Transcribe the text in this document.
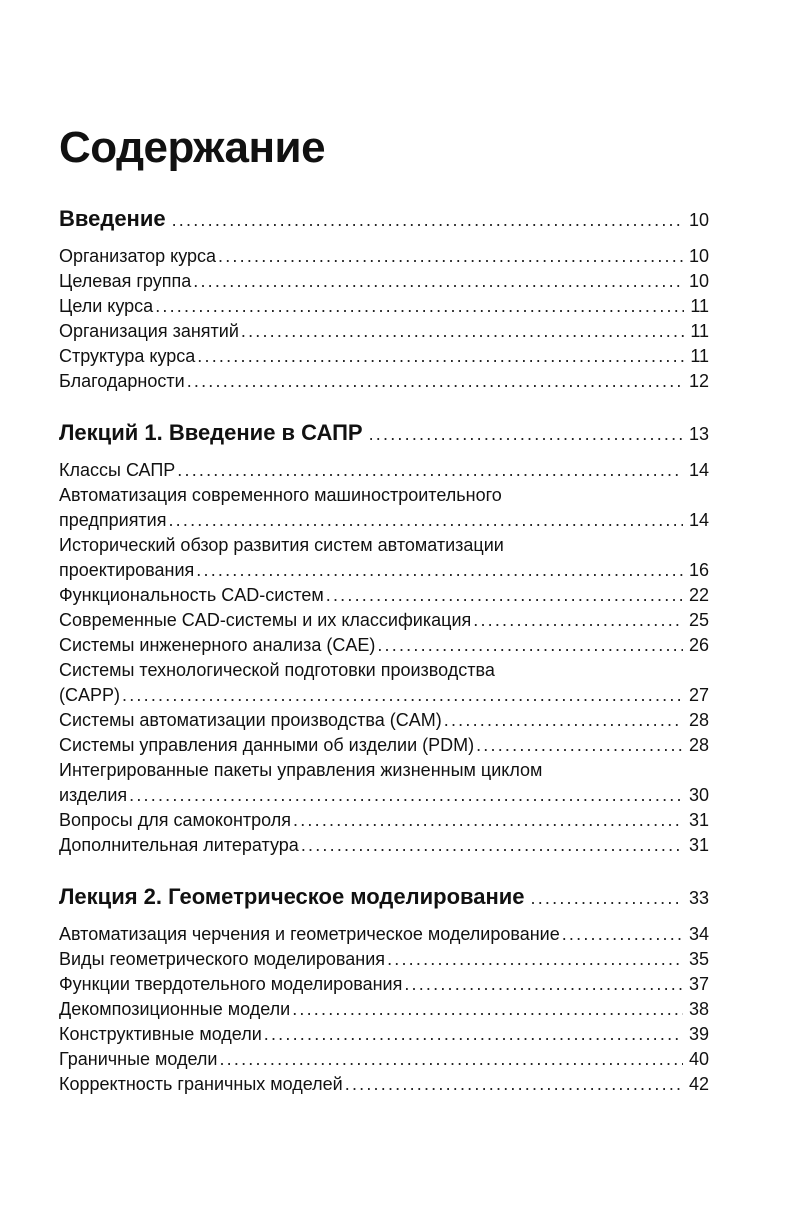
Содержание
Введение . . .	10
Организатор курса . . .	10
Целевая группа . . .	10
Цели курса . . .	11
Организация занятий . . .	11
Структура курса . . .	11
Благодарности . . .	12
Лекций 1. Введение в САПР . . .	13
Классы САПР . . .	14
Автоматизация современного машиностроительного
предприятия . . .	14
Исторический обзор развития систем автоматизации
проектирования . . .	16
Функциональность CAD-систем . . .	22
Современные CAD-системы и их классификация . . .	25
Системы инженерного анализа (CAE) . . .	26
Системы технологической подготовки производства
(CAPP) . . .	27
Системы автоматизации производства (CAM) . . .	28
Системы управления данными об изделии (PDM) . . .	28
Интегрированные пакеты управления жизненным циклом
изделия . . .	30
Вопросы для самоконтроля . . .	31
Дополнительная литература . . .	31
Лекция 2. Геометрическое моделирование . . .	33
Автоматизация черчения и геометрическое моделирование . . .	34
Виды геометрического моделирования . . .	35
Функции твердотельного моделирования . . .	37
Декомпозиционные модели . . .	38
Конструктивные модели . . .	39
Граничные модели . . .	40
Корректность граничных моделей . . .	42
